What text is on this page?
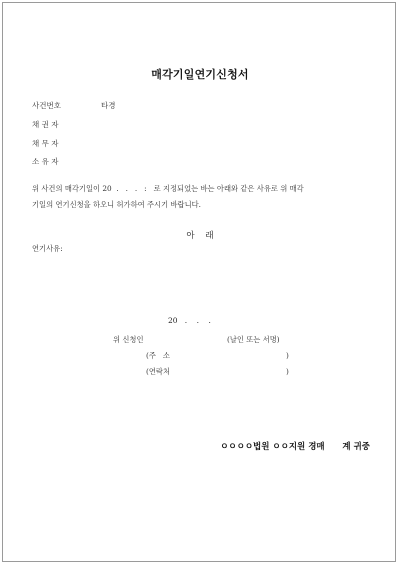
매각기일연기신청서
사건번호	타경
채 권 자
채 무 자
소 유 자
위 사건의 매각기일이 20  .   .   .   :   로 지정되었는 바는 아래와 같은 사유로 위 매각
기일의 연기신청을 하오니 허가하여 주시기 바랍니다.
아    래
연기사유:
20   .    .    .
위 신청인	(날인 또는 서명)
(주   소	)
(연락처	)
ㅇㅇㅇㅇ법원 ㅇㅇ지원 경매      계 귀중
